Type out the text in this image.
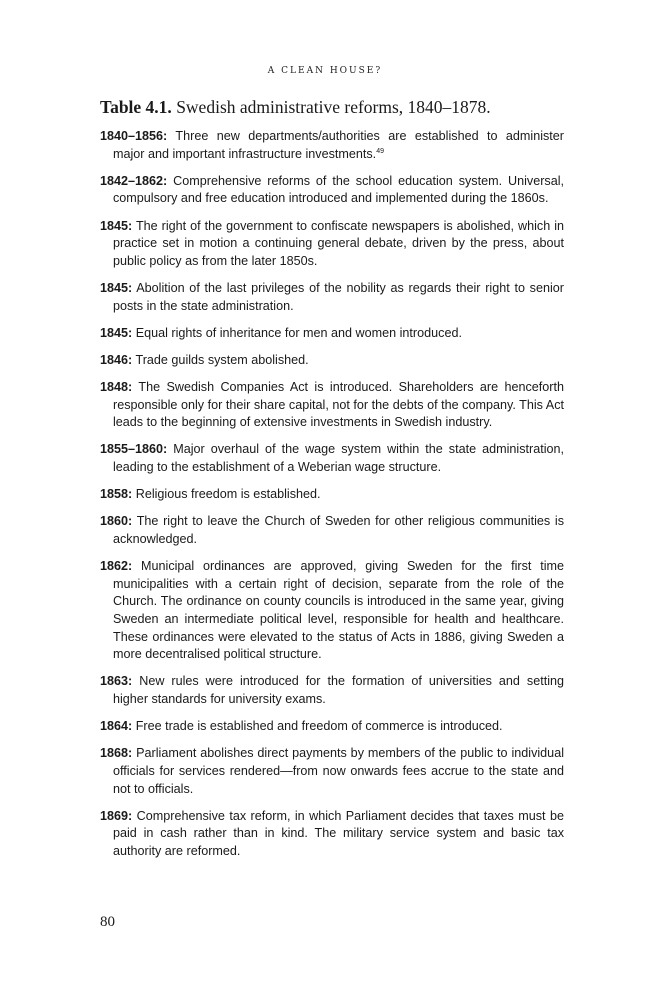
A CLEAN HOUSE?
Table 4.1. Swedish administrative reforms, 1840–1878.

1840–1856: Three new departments/authorities are established to administer major and important infrastructure investments.$^{49}$

1842–1862: Comprehensive reforms of the school education system. Universal, compulsory and free education introduced and implemented during the 1860s.

1845: The right of the government to confiscate newspapers is abolished, which in practice set in motion a continuing general debate, driven by the press, about public policy as from the later 1850s.

1845: Abolition of the last privileges of the nobility as regards their right to senior posts in the state administration.

1845: Equal rights of inheritance for men and women introduced.

1846: Trade guilds system abolished.

1848: The Swedish Companies Act is introduced. Shareholders are henceforth responsible only for their share capital, not for the debts of the company. This Act leads to the beginning of extensive investments in Swedish industry.

1855–1860: Major overhaul of the wage system within the state administration, leading to the establishment of a Weberian wage structure.

1858: Religious freedom is established.

1860: The right to leave the Church of Sweden for other religious communities is acknowledged.

1862: Municipal ordinances are approved, giving Sweden for the first time municipalities with a certain right of decision, separate from the role of the Church. The ordinance on county councils is introduced in the same year, giving Sweden an intermediate political level, responsible for health and healthcare. These ordinances were elevated to the status of Acts in 1886, giving Sweden a more decentralised political structure.

1863: New rules were introduced for the formation of universities and setting higher standards for university exams.

1864: Free trade is established and freedom of commerce is introduced.

1868: Parliament abolishes direct payments by members of the public to individual officials for services rendered—from now onwards fees accrue to the state and not to officials.

1869: Comprehensive tax reform, in which Parliament decides that taxes must be paid in cash rather than in kind. The military service system and basic tax authority are reformed.

80
